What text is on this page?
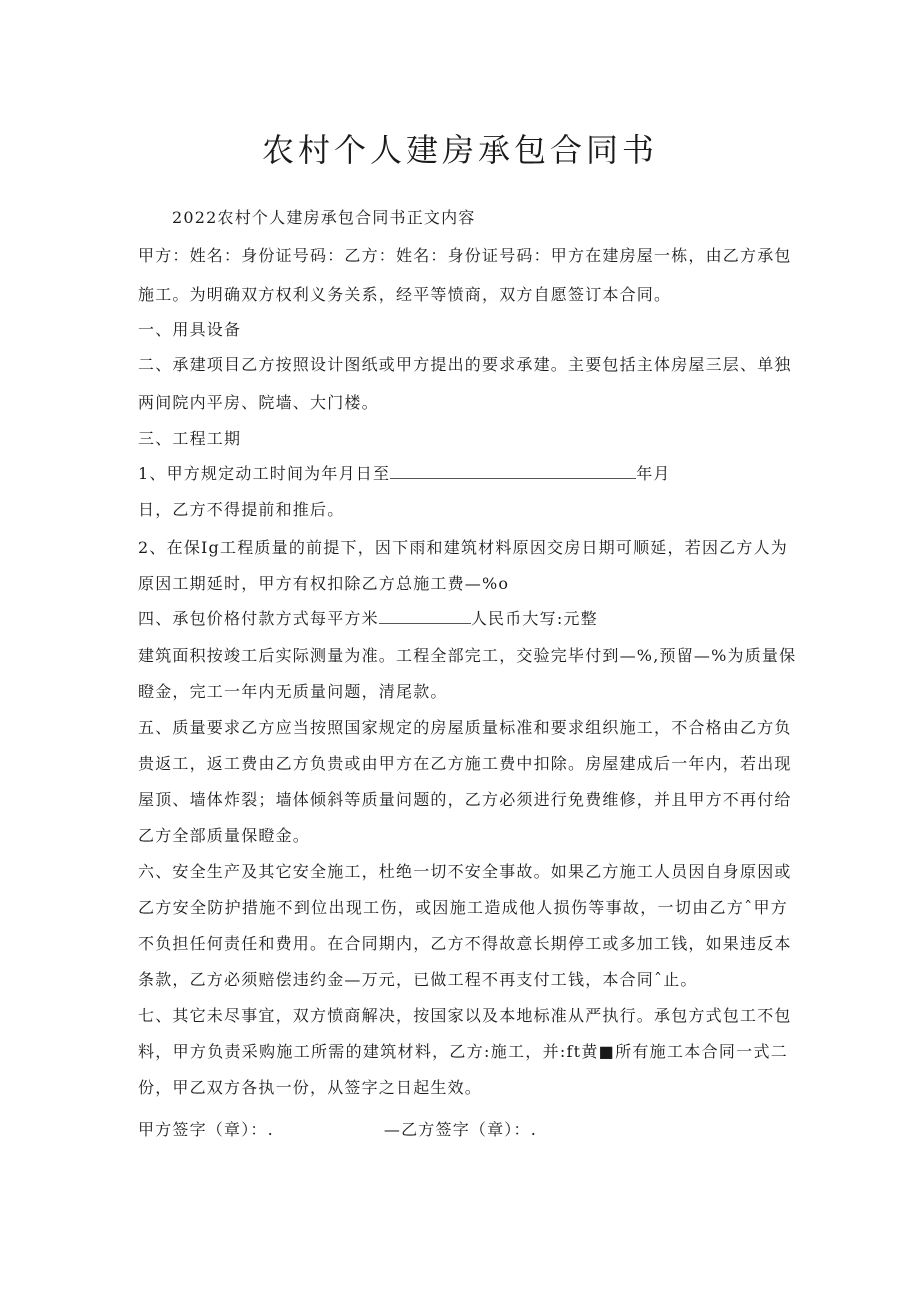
农村个人建房承包合同书
2022农村个人建房承包合同书正文内容
甲方：姓名：身份证号码：乙方：姓名：身份证号码：甲方在建房屋一栋，由乙方承包
施工。为明确双方权利义务关系，经平等愤商，双方自愿签订本合同。
一、用具设备
二、承建项目乙方按照设计图纸或甲方提出的要求承建。主要包括主体房屋三层、单独
两间院内平房、院墙、大门楼。
三、工程工期
1、甲方规定动工时间为年月日至	年月
日，乙方不得提前和推后。
2、在保Ig工程质量的前提下，因下雨和建筑材料原因交房日期可顺延，若因乙方人为
原因工期延时，甲方有权扣除乙方总施工费—%o
四、承包价格付款方式每平方米	人民币大写:元整
建筑面积按竣工后实际测量为准。工程全部完工，交验完毕付到—%,预留—%为质量保
瞪金，完工一年内无质量问题，清尾款。
五、质量要求乙方应当按照国家规定的房屋质量标准和要求组织施工，不合格由乙方负
贵返工，返工费由乙方负贵或由甲方在乙方施工费中扣除。房屋建成后一年内，若出现
屋顶、墙体炸裂；墙体倾斜等质量问题的，乙方必须进行免费维修，并且甲方不再付给
乙方全部质量保瞪金。
六、安全生产及其它安全施工，杜绝一切不安全事故。如果乙方施工人员因自身原因或
乙方安全防护措施不到位出现工伤，或因施工造成他人损伤等事故，一切由乙方ˆ甲方
不负担任何责任和费用。在合同期内，乙方不得故意长期停工或多加工钱，如果违反本
条款，乙方必须赔偿违约金—万元，已做工程不再支付工钱，本合同ˆ止。
七、其它未尽事宜，双方愤商解决，按国家以及本地标准从严执行。承包方式包工不包
料，甲方负责采购施工所需的建筑材料，乙方:施工，并:ft黄■所有施工本合同一式二
份，甲乙双方各执一份，从签字之日起生效。
甲方签字（章）：.	—乙方签字（章）：.
